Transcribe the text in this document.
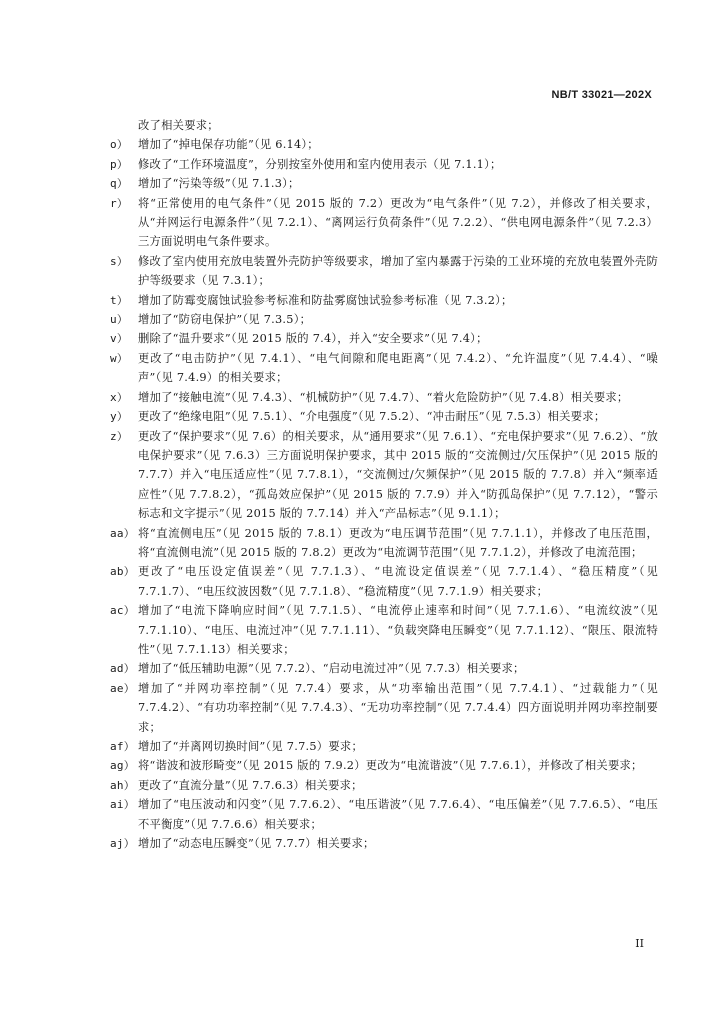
NB/T 33021—202X
改了相关要求；
o） 增加了“掉电保存功能”（见 6.14）；
p） 修改了“工作环境温度”，分别按室外使用和室内使用表示（见 7.1.1）；
q） 增加了“污染等级”（见 7.1.3）；
r） 将“正常使用的电气条件”（见 2015 版的 7.2）更改为“电气条件”（见 7.2），并修改了相关要求，从“并网运行电源条件”（见 7.2.1）、“离网运行负荷条件”（见 7.2.2）、“供电网电源条件”（见 7.2.3）三方面说明电气条件要求。
s） 修改了室内使用充放电装置外壳防护等级要求，增加了室内暴露于污染的工业环境的充放电装置外壳防护等级要求（见 7.3.1）；
t） 增加了防霉变腐蚀试验参考标准和防盐雾腐蚀试验参考标准（见 7.3.2）；
u） 增加了“防窃电保护”（见 7.3.5）；
v） 删除了“温升要求”（见 2015 版的 7.4），并入“安全要求”（见 7.4）；
w） 更改了“电击防护”（见 7.4.1）、“电气间隙和爬电距离”（见 7.4.2）、“允许温度”（见 7.4.4）、“噪声”（见 7.4.9）的相关要求；
x） 增加了“接触电流”（见 7.4.3）、“机械防护”（见 7.4.7）、“着火危险防护”（见 7.4.8）相关要求；
y） 更改了“绝缘电阻”（见 7.5.1）、“介电强度”（见 7.5.2）、“冲击耐压”（见 7.5.3）相关要求；
z） 更改了“保护要求”（见 7.6）的相关要求，从“通用要求”（见 7.6.1）、“充电保护要求”（见 7.6.2）、“放电保护要求”（见 7.6.3）三方面说明保护要求，其中 2015 版的“交流侧过/欠压保护”（见 2015 版的 7.7.7）并入“电压适应性”（见 7.7.8.1），“交流侧过/欠频保护”（见 2015 版的 7.7.8）并入“频率适应性”（见 7.7.8.2），“孤岛效应保护”（见 2015 版的 7.7.9）并入“防孤岛保护”（见 7.7.12），“警示标志和文字提示”（见 2015 版的 7.7.14）并入“产品标志”（见 9.1.1）；
aa） 将“直流侧电压”（见 2015 版的 7.8.1）更改为“电压调节范围”（见 7.7.1.1），并修改了电压范围，将“直流侧电流”（见 2015 版的 7.8.2）更改为“电流调节范围”（见 7.7.1.2），并修改了电流范围；
ab） 更改了“电压设定值误差”（见 7.7.1.3）、“电流设定值误差”（见 7.7.1.4）、“稳压精度”（见 7.7.1.7）、“电压纹波因数”（见 7.7.1.8）、“稳流精度”（见 7.7.1.9）相关要求；
ac） 增加了“电流下降响应时间”（见 7.7.1.5）、“电流停止速率和时间”（见 7.7.1.6）、“电流纹波”（见 7.7.1.10）、“电压、电流过冲”（见 7.7.1.11）、“负载突降电压瞬变”（见 7.7.1.12）、“限压、限流特性”（见 7.7.1.13）相关要求；
ad） 增加了“低压辅助电源”（见 7.7.2）、“启动电流过冲”（见 7.7.3）相关要求；
ae） 增加了“并网功率控制”（见 7.7.4）要求，从“功率输出范围”（见 7.7.4.1）、“过载能力”（见 7.7.4.2）、“有功功率控制”（见 7.7.4.3）、“无功功率控制”（见 7.7.4.4）四方面说明并网功率控制要求；
af） 增加了“并离网切换时间”（见 7.7.5）要求；
ag） 将“谐波和波形畸变”（见 2015 版的 7.9.2）更改为“电流谐波”（见 7.7.6.1），并修改了相关要求；
ah） 更改了“直流分量”（见 7.7.6.3）相关要求；
ai） 增加了“电压波动和闪变”（见 7.7.6.2）、“电压谐波”（见 7.7.6.4）、“电压偏差”（见 7.7.6.5）、“电压不平衡度”（见 7.7.6.6）相关要求；
aj） 增加了“动态电压瞬变”（见 7.7.7）相关要求；
II
